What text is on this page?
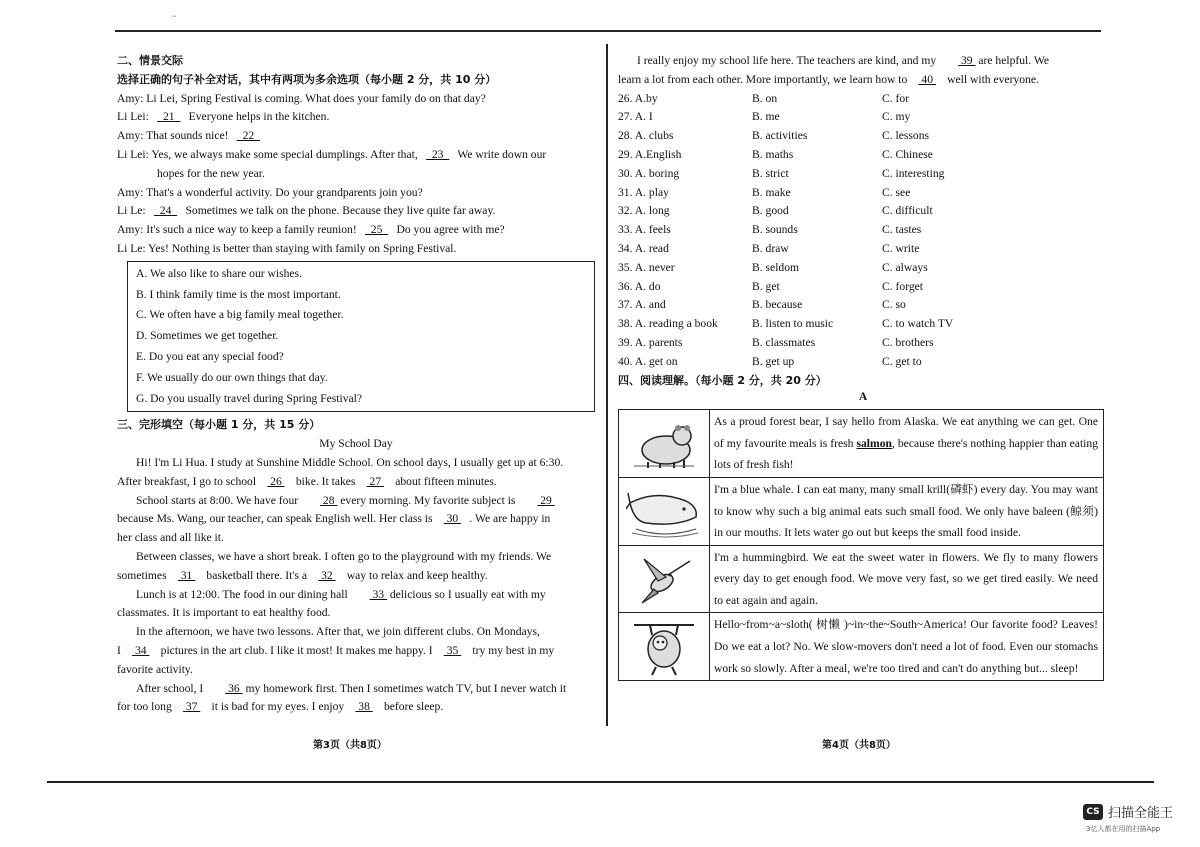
~
二、情景交际
选择正确的句子补全对话，其中有两项为多余选项（每小题 2 分，共 10 分）
Amy: Li Lei, Spring Festival is coming. What does your family do on that day?
Li Lei:   21   Everyone helps in the kitchen.
Amy: That sounds nice!   22
Li Lei: Yes, we always make some special dumplings. After that,   23   We write down our
hopes for the new year.
Amy: That's a wonderful activity. Do your grandparents join you?
Li Le:   24   Sometimes we talk on the phone. Because they live quite far away.
Amy: It's such a nice way to keep a family reunion!   25   Do you agree with me?
Li Le: Yes! Nothing is better than staying with family on Spring Festival.
A. We also like to share our wishes.
B. I think family time is the most important.
C. We often have a big family meal together.
D. Sometimes we get together.
E. Do you eat any special food?
F. We usually do our own things that day.
G. Do you usually travel during Spring Festival?
三、完形填空（每小题 1 分，共 15 分）
My School Day
Hi! I'm Li Hua. I study at Sunshine Middle School. On school days, I usually get up at 6:30.
After breakfast, I go to school  26  bike. It takes  27  about fifteen minutes.
School starts at 8:00. We have four  28  every morning. My favorite subject is  29
because Ms. Wang, our teacher, can speak English well. Her class is  30 . We are happy in
her class and all like it.
Between classes, we have a short break. I often go to the playground with my friends. We
sometimes  31  basketball there. It's a  32  way to relax and keep healthy.
Lunch is at 12:00. The food in our dining hall  33  delicious so I usually eat with my
classmates. It is important to eat healthy food.
In the afternoon, we have two lessons. After that, we join different clubs. On Mondays,
I  34  pictures in the art club. I like it most! It makes me happy. I  35  try my best in my
favorite activity.
After school, I  36  my homework first. Then I sometimes watch TV, but I never watch it
for too long  37  it is bad for my eyes. I enjoy  38  before sleep.
I really enjoy my school life here. The teachers are kind, and my  39  are helpful. We
learn a lot from each other. More importantly, we learn how to  40  well with everyone.
26. A.by	B. on	C. for
27. A. I	B. me	C. my
28. A. clubs	B. activities	C. lessons
29. A.English	B. maths	C. Chinese
30. A. boring	B. strict	C. interesting
31. A. play	B. make	C. see
32. A. long	B. good	C. difficult
33. A. feels	B. sounds	C. tastes
34. A. read	B. draw	C. write
35. A. never	B. seldom	C. always
36. A. do	B. get	C. forget
37. A. and	B. because	C. so
38. A. reading a book	B. listen to music	C. to watch TV
39. A. parents	B. classmates	C. brothers
40. A. get on	B. get up	C. get to
四、阅读理解。（每小题 2 分，共 20 分）
A
As a proud forest bear, I say hello from Alaska. We eat anything we can get. One of my favourite meals is fresh salmon, because there's nothing happier than eating lots of fresh fish!
I'm a blue whale. I can eat many, many small krill(磷虾) every day. You may want to know why such a big animal eats such small food. We only have baleen (鲸须) in our mouths. It lets water go out but keeps the small food inside.
I'm a hummingbird. We eat the sweet water in flowers. We fly to many flowers every day to get enough food. We move very fast, so we get tired easily. We need to eat again and again.
Hello~from~a~sloth( 树懒 )~in~the~South~America! Our favorite food? Leaves! Do we eat a lot? No. We slow-movers don't need a lot of food. Even our stomachs work so slowly. After a meal, we're too tired and can't do anything but... sleep!
第3页（共8页）	第4页（共8页）
CS 扫描全能王
3亿人都在用的扫描App
